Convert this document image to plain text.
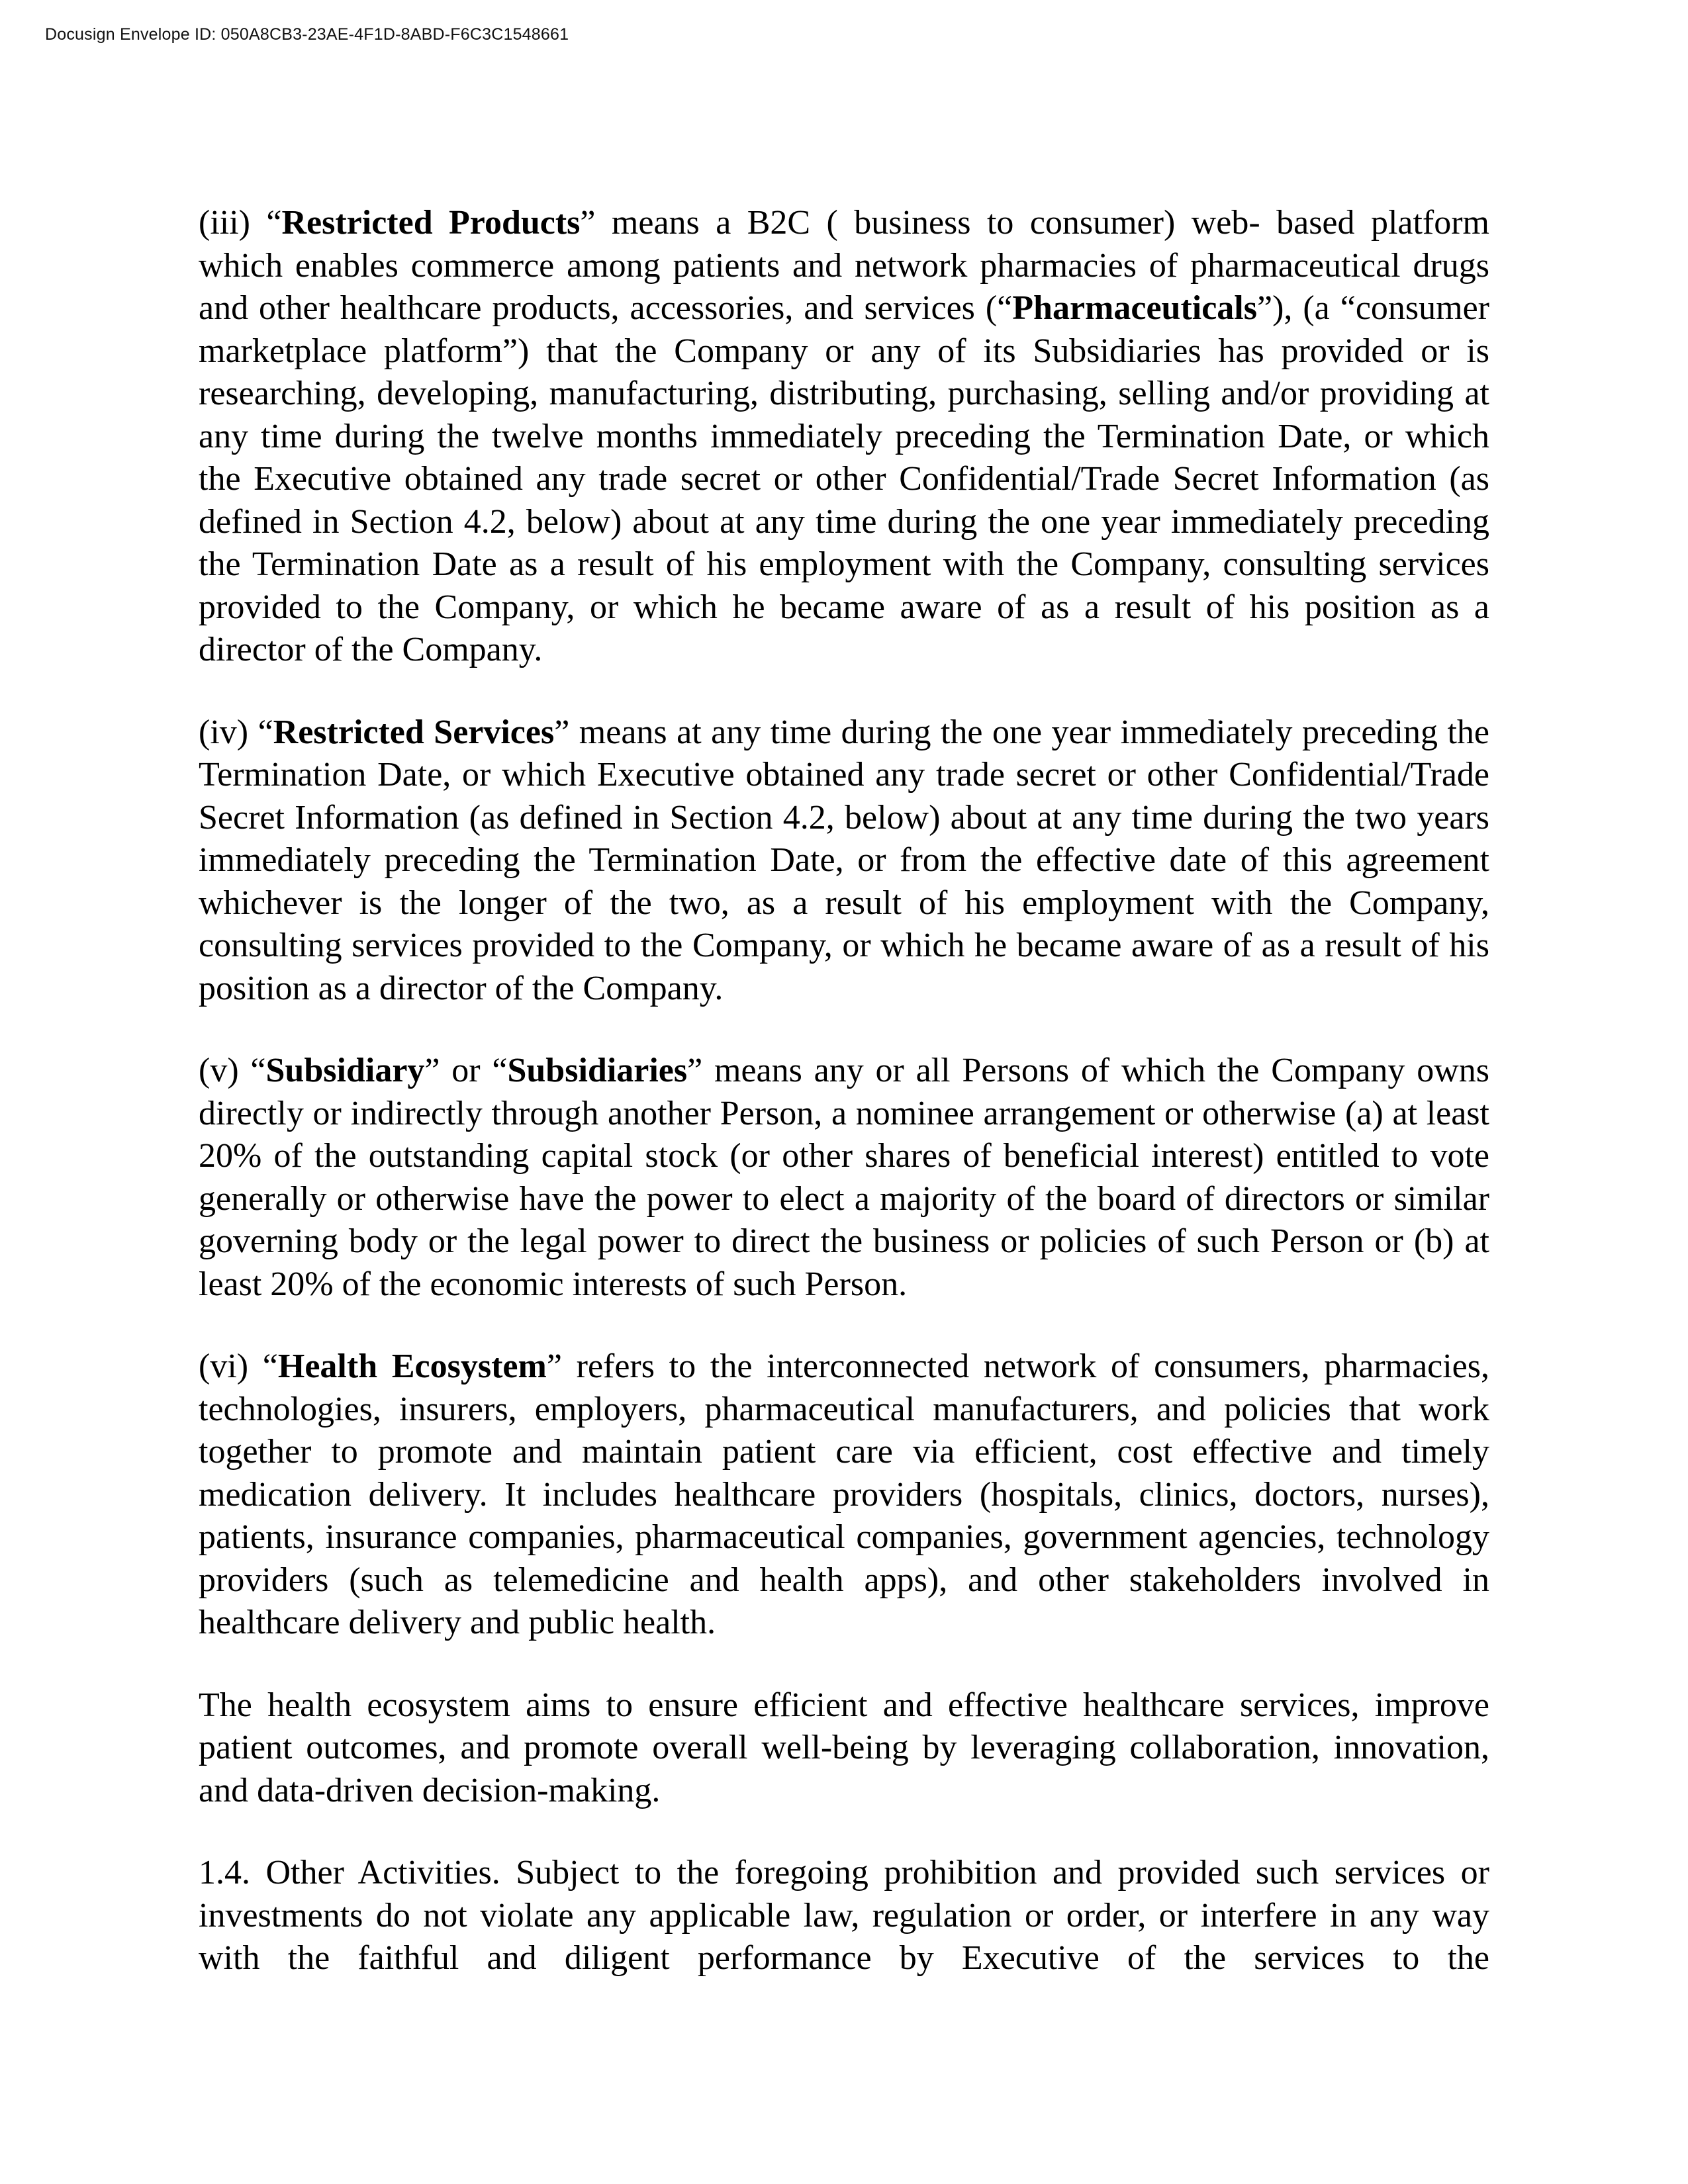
Docusign Envelope ID: 050A8CB3-23AE-4F1D-8ABD-F6C3C1548661

(iii) “Restricted Products” means a B2C ( business to consumer) web- based platform which enables commerce among patients and network pharmacies of pharmaceutical drugs and other healthcare products, accessories, and services (“Pharmaceuticals”), (a “consumer marketplace platform”) that the Company or any of its Subsidiaries has provided or is researching, developing, manufacturing, distributing, purchasing, selling and/or providing at any time during the twelve months immediately preceding the Termination Date, or which the Executive obtained any trade secret or other Confidential/Trade Secret Information (as defined in Section 4.2, below) about at any time during the one year immediately preceding the Termination Date as a result of his employment with the Company, consulting services provided to the Company, or which he became aware of as a result of his position as a director of the Company.

(iv) “Restricted Services” means at any time during the one year immediately preceding the Termination Date, or which Executive obtained any trade secret or other Confidential/Trade Secret Information (as defined in Section 4.2, below) about at any time during the two years immediately preceding the Termination Date, or from the effective date of this agreement whichever is the longer of the two, as a result of his employment with the Company, consulting services provided to the Company, or which he became aware of as a result of his position as a director of the Company.

(v) “Subsidiary” or “Subsidiaries” means any or all Persons of which the Company owns directly or indirectly through another Person, a nominee arrangement or otherwise (a) at least 20% of the outstanding capital stock (or other shares of beneficial interest) entitled to vote generally or otherwise have the power to elect a majority of the board of directors or similar governing body or the legal power to direct the business or policies of such Person or (b) at least 20% of the economic interests of such Person.

(vi) “Health Ecosystem” refers to the interconnected network of consumers, pharmacies, technologies, insurers, employers, pharmaceutical manufacturers, and policies that work together to promote and maintain patient care via efficient, cost effective and timely medication delivery. It includes healthcare providers (hospitals, clinics, doctors, nurses), patients, insurance companies, pharmaceutical companies, government agencies, technology providers (such as telemedicine and health apps), and other stakeholders involved in healthcare delivery and public health.

The health ecosystem aims to ensure efficient and effective healthcare services, improve patient outcomes, and promote overall well-being by leveraging collaboration, innovation, and data-driven decision-making.

1.4. Other Activities. Subject to the foregoing prohibition and provided such services or investments do not violate any applicable law, regulation or order, or interfere in any way with the faithful and diligent performance by Executive of the services to the
